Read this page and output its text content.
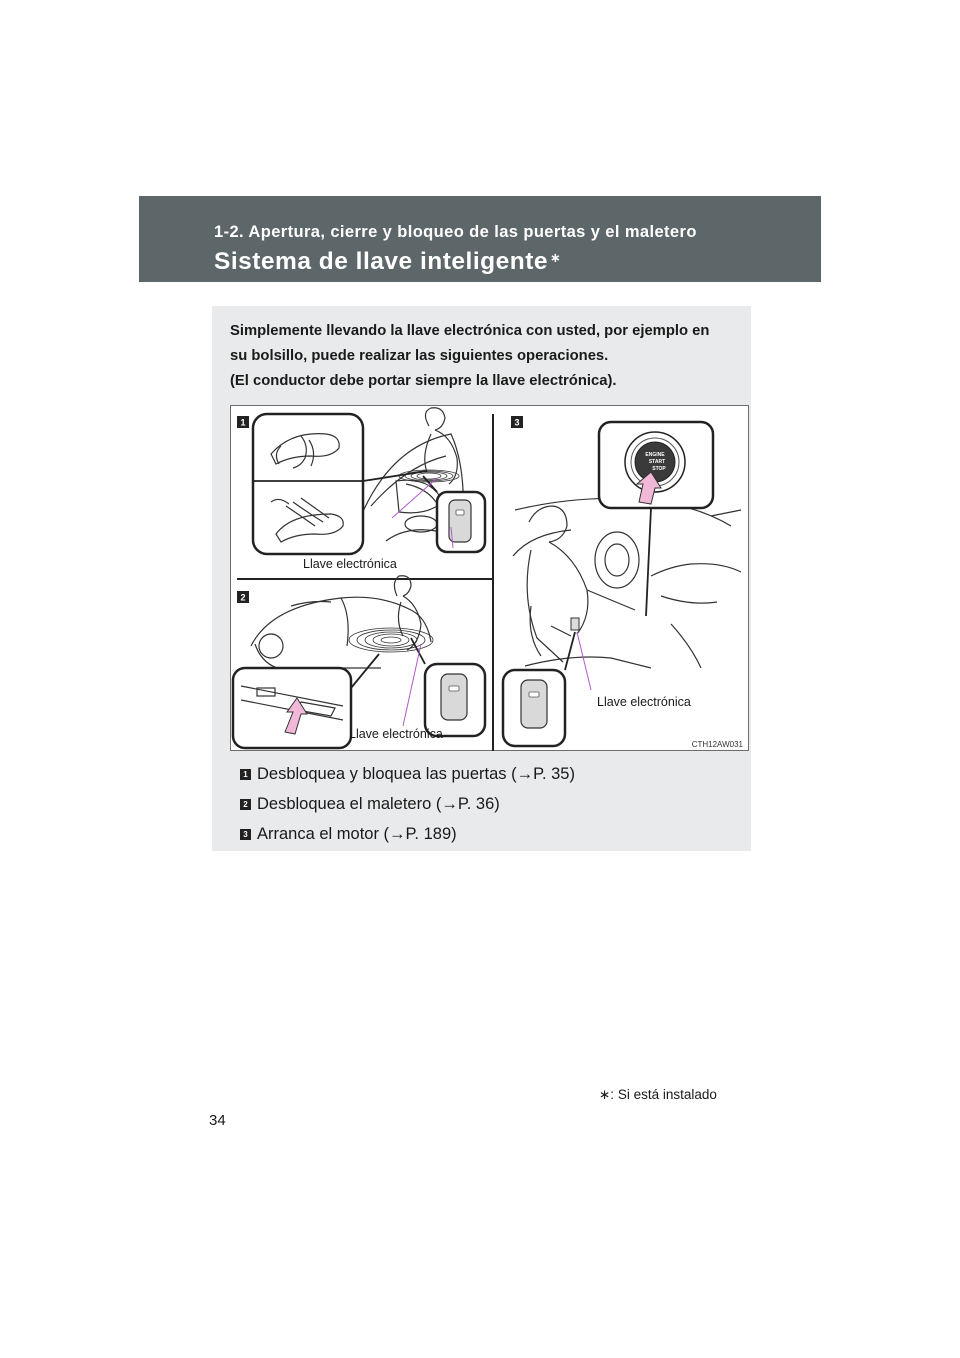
1-2. Apertura, cierre y bloqueo de las puertas y el maletero
Sistema de llave inteligente ∗
Simplemente llevando la llave electrónica con usted, por ejemplo en
su bolsillo, puede realizar las siguientes operaciones.
(El conductor debe portar siempre la llave electrónica).
1	3
2
Llave electrónica
Llave electrónica
ENGINE
START
STOP
Llave electrónica
CTH12AW031
1 Desbloquea y bloquea las puertas (→P. 35)
2 Desbloquea el maletero (→P. 36)
3 Arranca el motor (→P. 189)
∗: Si está instalado
34
